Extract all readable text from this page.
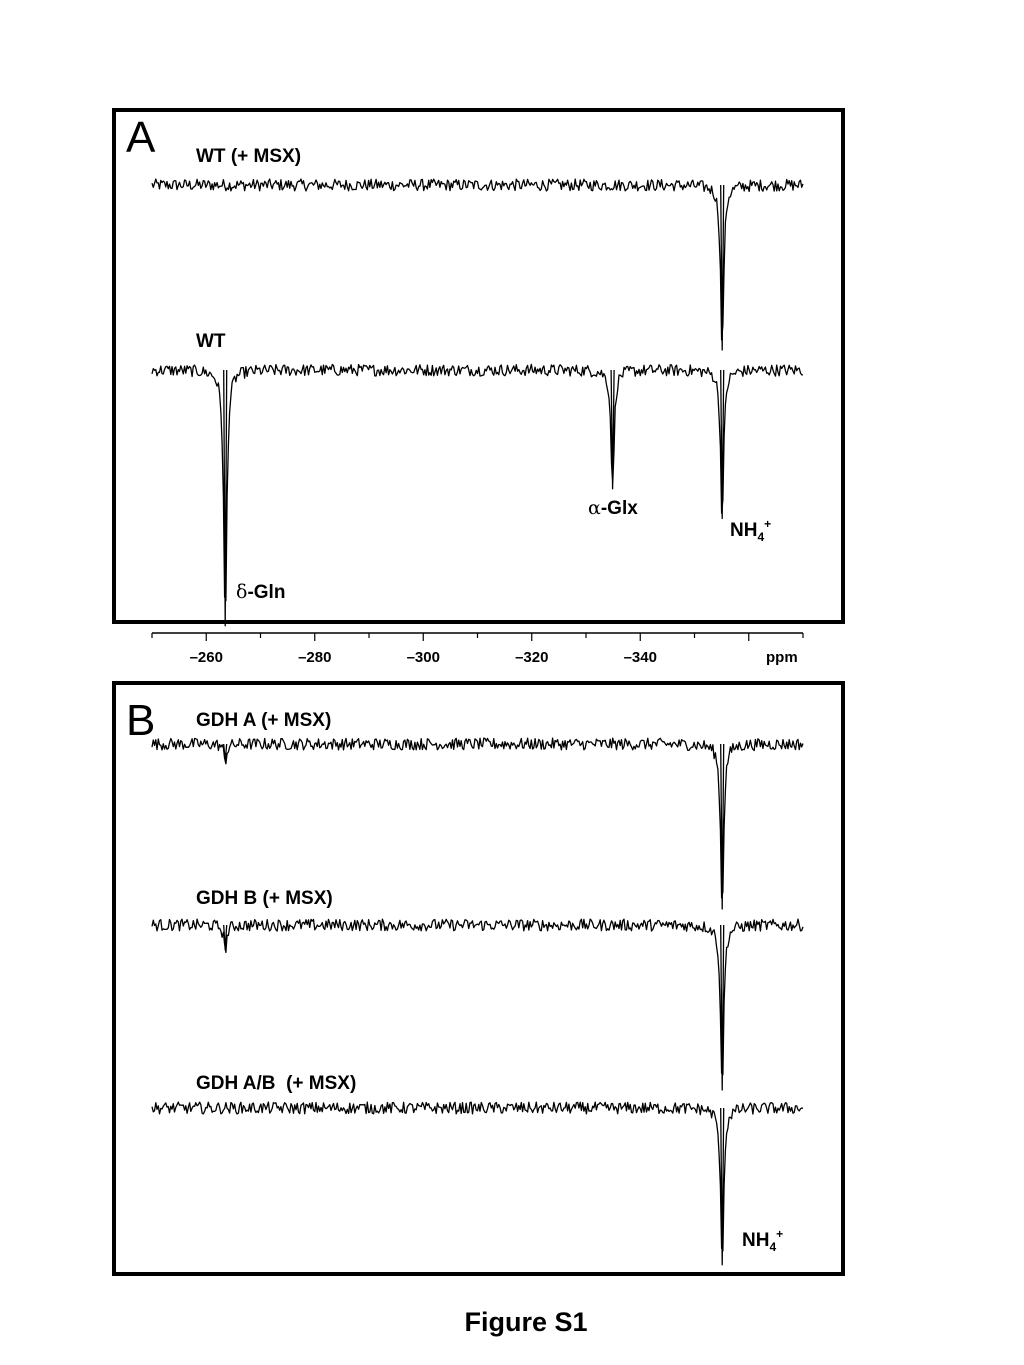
A
B
WT (+ MSX)
WT
δ-Gln
α-Glx
$NH_4^+$
GDH A (+ MSX)
GDH B (+ MSX)
GDH A/B  (+ MSX)
$NH_4^+$
ppm
–260	–280	–300	–320	–340
Figure S1
